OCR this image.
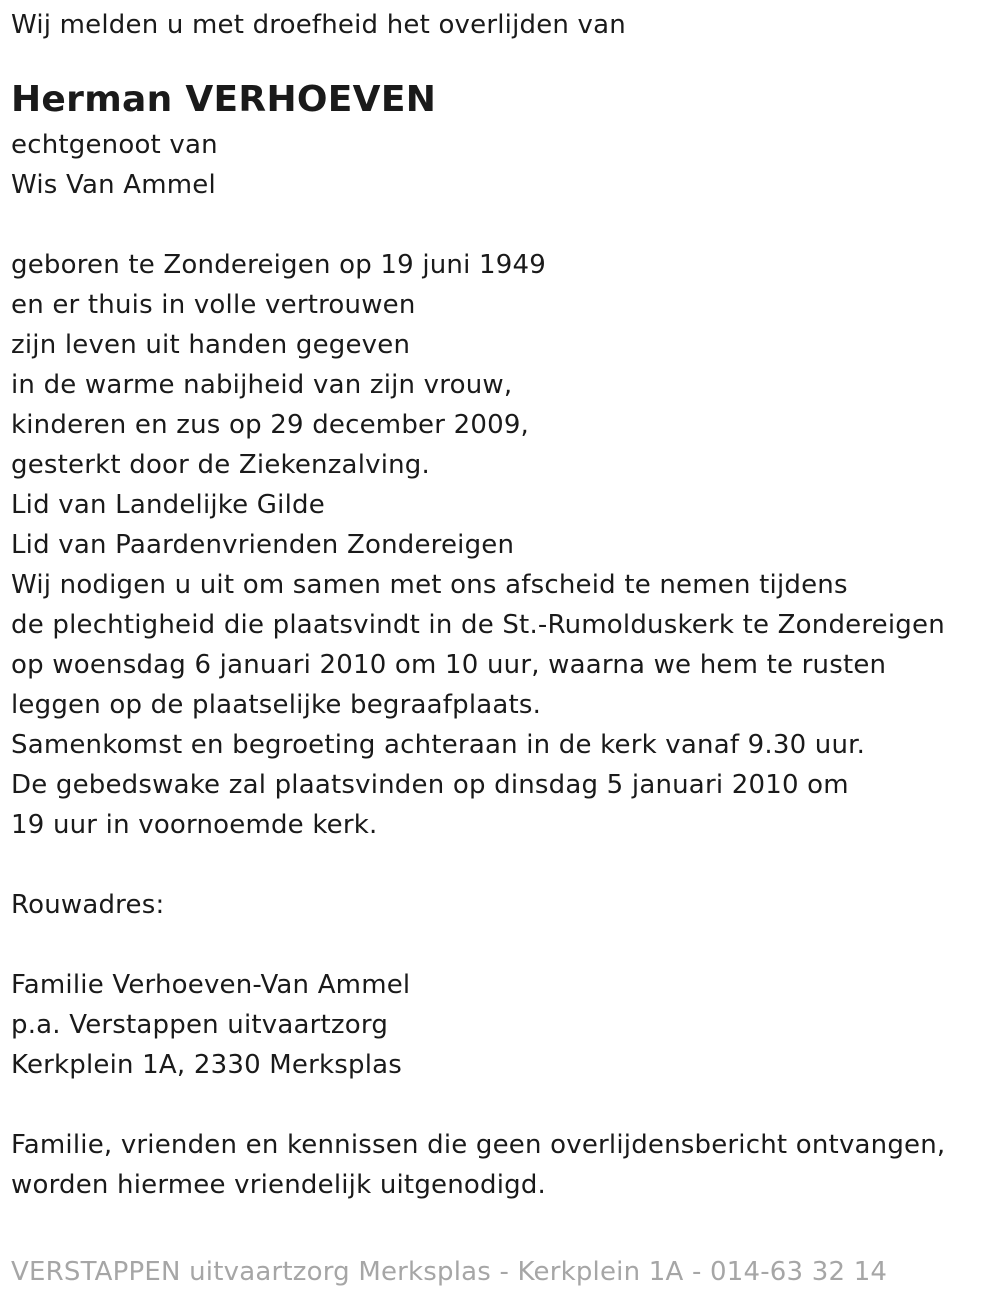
Wij melden u met droefheid het overlijden van
Herman VERHOEVEN
echtgenoot van
Wis Van Ammel
geboren te Zondereigen op 19 juni 1949
en er thuis in volle vertrouwen
zijn leven uit handen gegeven
in de warme nabijheid van zijn vrouw,
kinderen en zus op 29 december 2009,
gesterkt door de Ziekenzalving.
Lid van Landelijke Gilde
Lid van Paardenvrienden Zondereigen
Wij nodigen u uit om samen met ons afscheid te nemen tijdens
de plechtigheid die plaatsvindt in de St.-Rumolduskerk te Zondereigen
op woensdag 6 januari 2010 om 10 uur, waarna we hem te rusten
leggen op de plaatselijke begraafplaats.
Samenkomst en begroeting achteraan in de kerk vanaf 9.30 uur.
De gebedswake zal plaatsvinden op dinsdag 5 januari 2010 om
19 uur in voornoemde kerk.
Rouwadres:
Familie Verhoeven-Van Ammel
p.a. Verstappen uitvaartzorg
Kerkplein 1A, 2330 Merksplas
Familie, vrienden en kennissen die geen overlijdensbericht ontvangen,
worden hiermee vriendelijk uitgenodigd.
VERSTAPPEN uitvaartzorg Merksplas - Kerkplein 1A - 014-63 32 14
